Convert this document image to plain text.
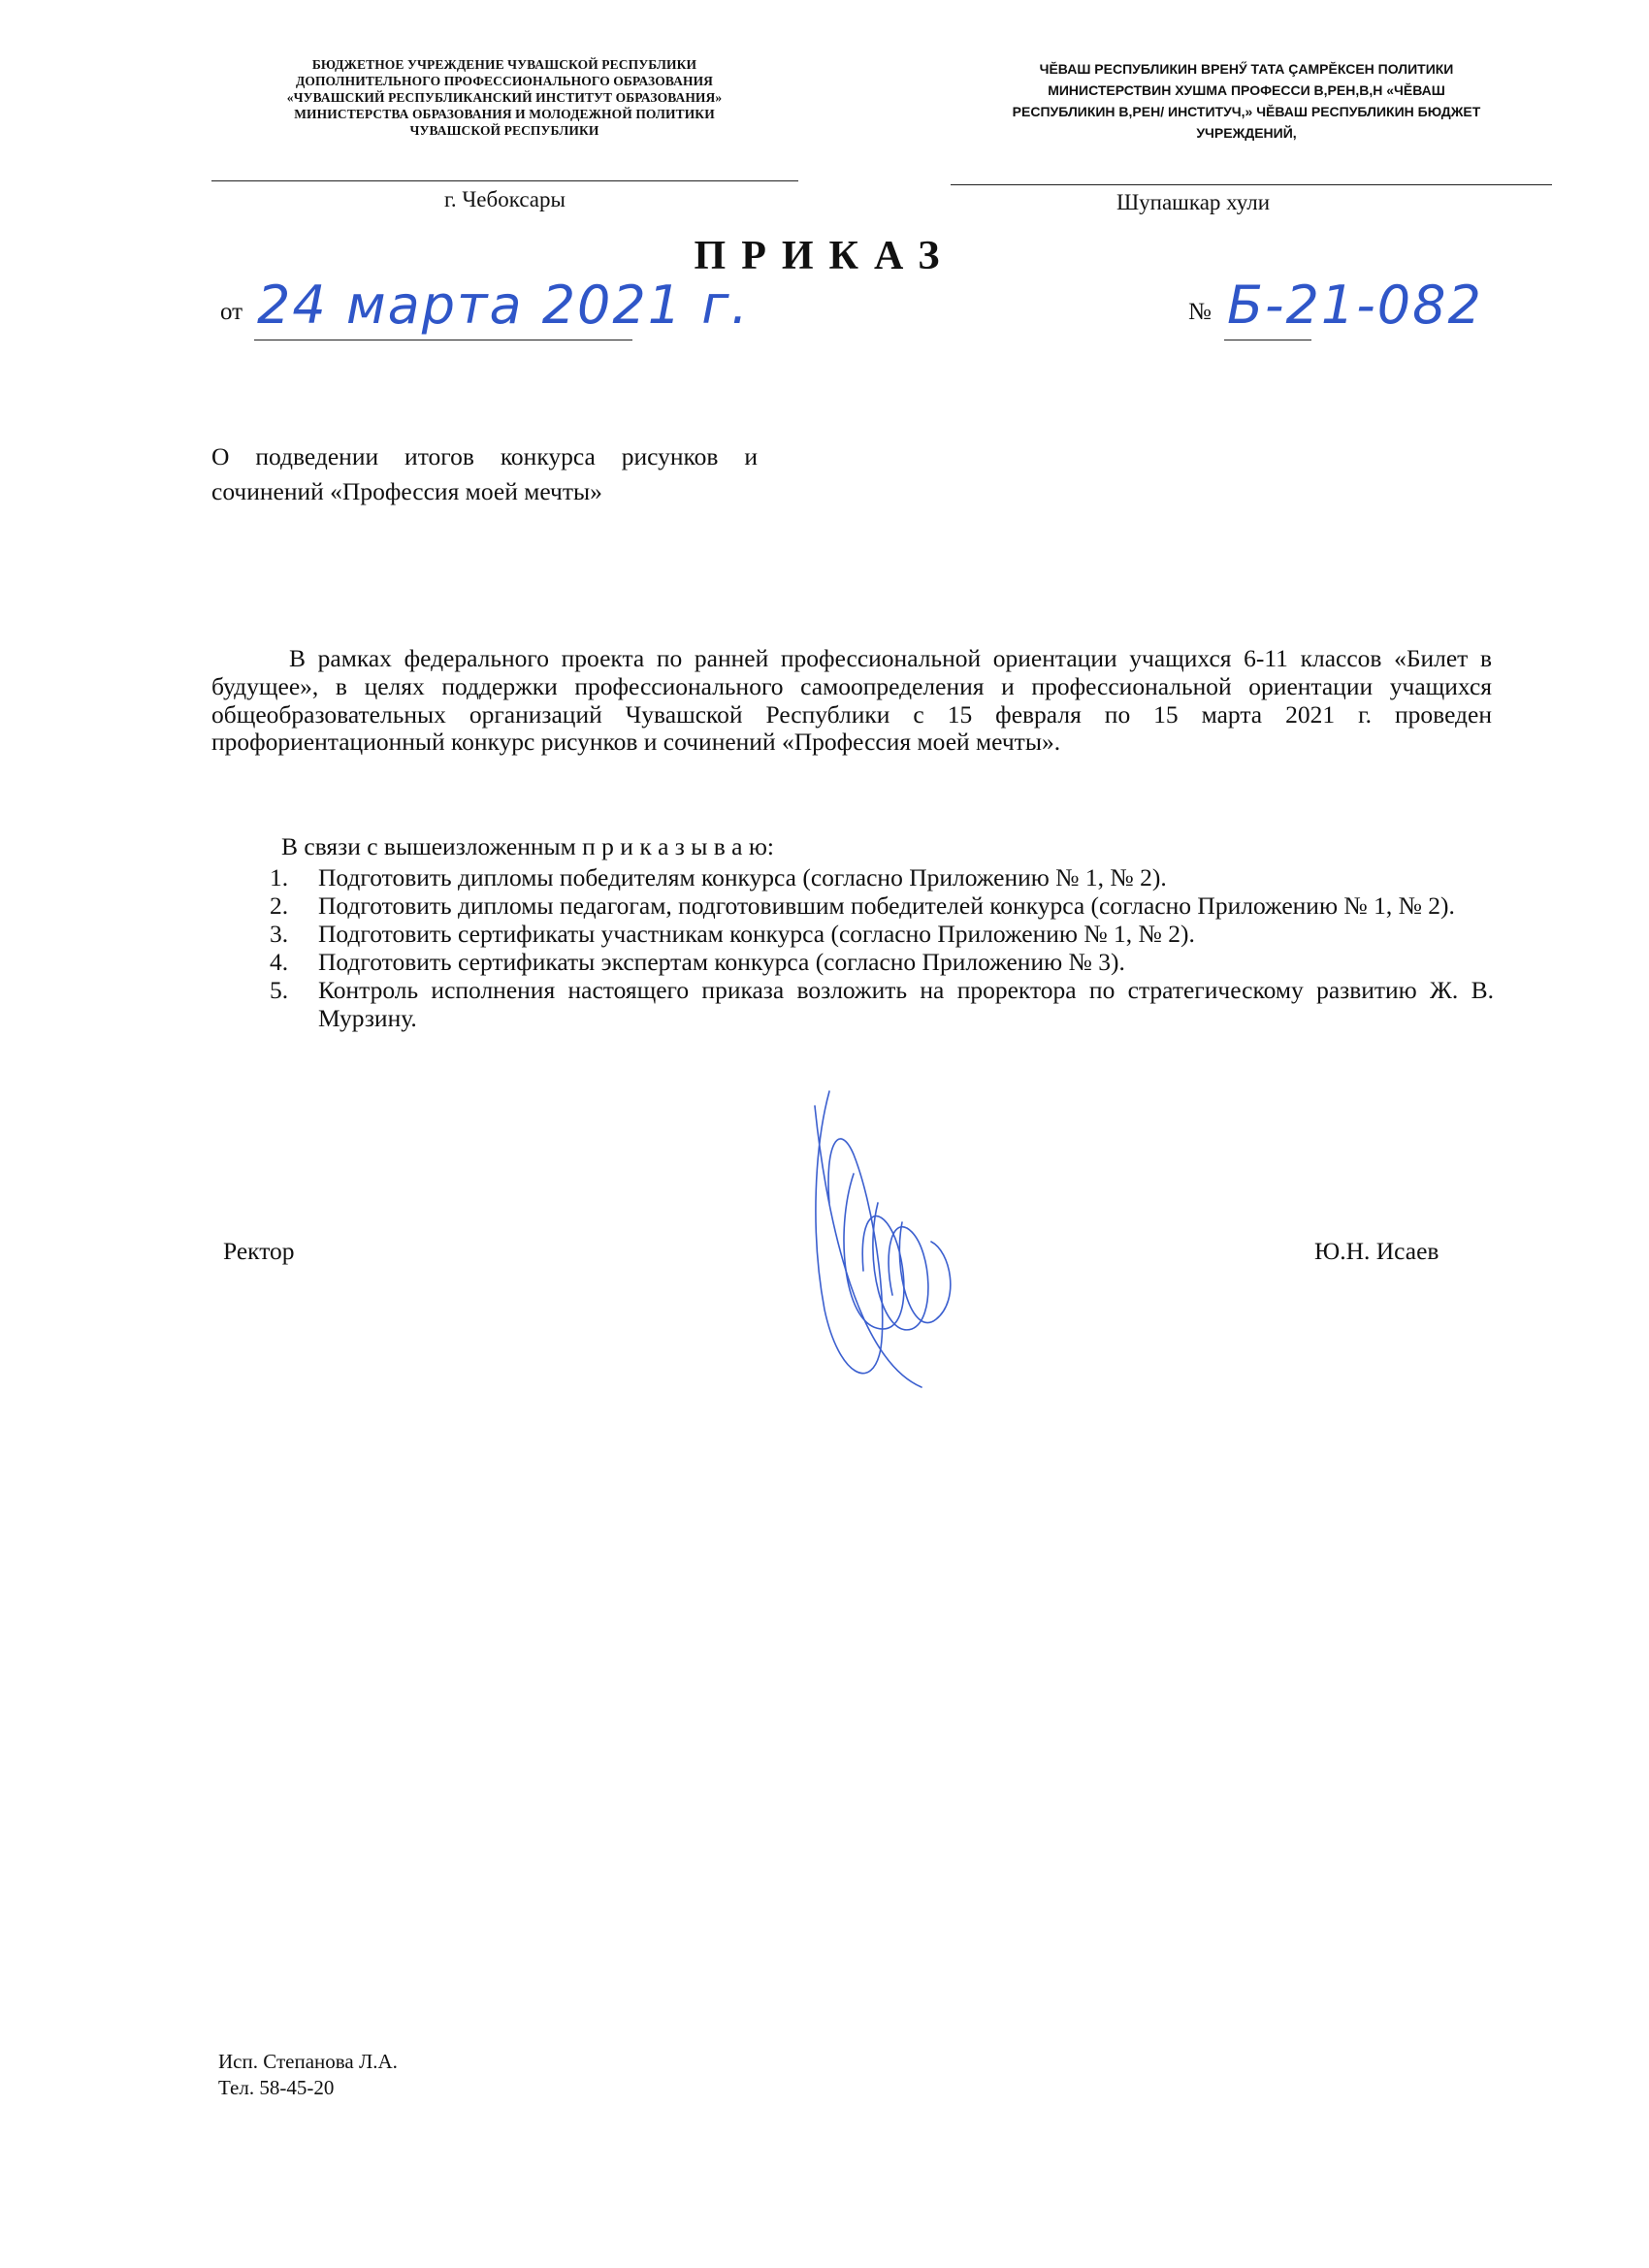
БЮДЖЕТНОЕ УЧРЕЖДЕНИЕ ЧУВАШСКОЙ РЕСПУБЛИКИ
ДОПОЛНИТЕЛЬНОГО ПРОФЕССИОНАЛЬНОГО ОБРАЗОВАНИЯ
«ЧУВАШСКИЙ РЕСПУБЛИКАНСКИЙ ИНСТИТУТ ОБРАЗОВАНИЯ»
МИНИСТЕРСТВА ОБРАЗОВАНИЯ И МОЛОДЕЖНОЙ ПОЛИТИКИ
ЧУВАШСКОЙ РЕСПУБЛИКИ
г. Чебоксары
ЧĔВАШ РЕСПУБЛИКИН ВРЕНӲ ТАТА ÇАМРĔКСЕН ПОЛИТИКИ
МИНИСТЕРСТВИН ХУШМА ПРОФЕССИ В,РЕН,В,Н «ЧĔВАШ
РЕСПУБЛИКИН В,РЕН/ ИНСТИТУЧ,» ЧĔВАШ РЕСПУБЛИКИН БЮДЖЕТ
УЧРЕЖДЕНИЙ,
Шупашкар хули
ПРИКАЗ
от 24 марта 2021 г.	№ Б-21-082
О подведении итогов конкурса рисунков и сочинений «Профессия моей мечты»

В рамках федерального проекта по ранней профессиональной ориентации учащихся 6-11 классов «Билет в будущее», в целях поддержки профессионального самоопределения и профессиональной ориентации учащихся общеобразовательных организаций Чувашской Республики с 15 февраля по 15 марта 2021 г. проведен профориентационный конкурс рисунков и сочинений «Профессия моей мечты».

В связи с вышеизложенным п р и к а з ы в а ю:
1.	Подготовить дипломы победителям конкурса (согласно Приложению № 1, № 2).
2.	Подготовить дипломы педагогам, подготовившим победителей конкурса (согласно Приложению № 1, № 2).
3.	Подготовить сертификаты участникам конкурса (согласно Приложению № 1, № 2).
4.	Подготовить сертификаты экспертам конкурса (согласно Приложению № 3).
5.	Контроль исполнения настоящего приказа возложить на проректора по стратегическому развитию Ж. В. Мурзину.
Ректор	Ю.Н. Исаев
Исп. Степанова Л.А.
Тел. 58-45-20
